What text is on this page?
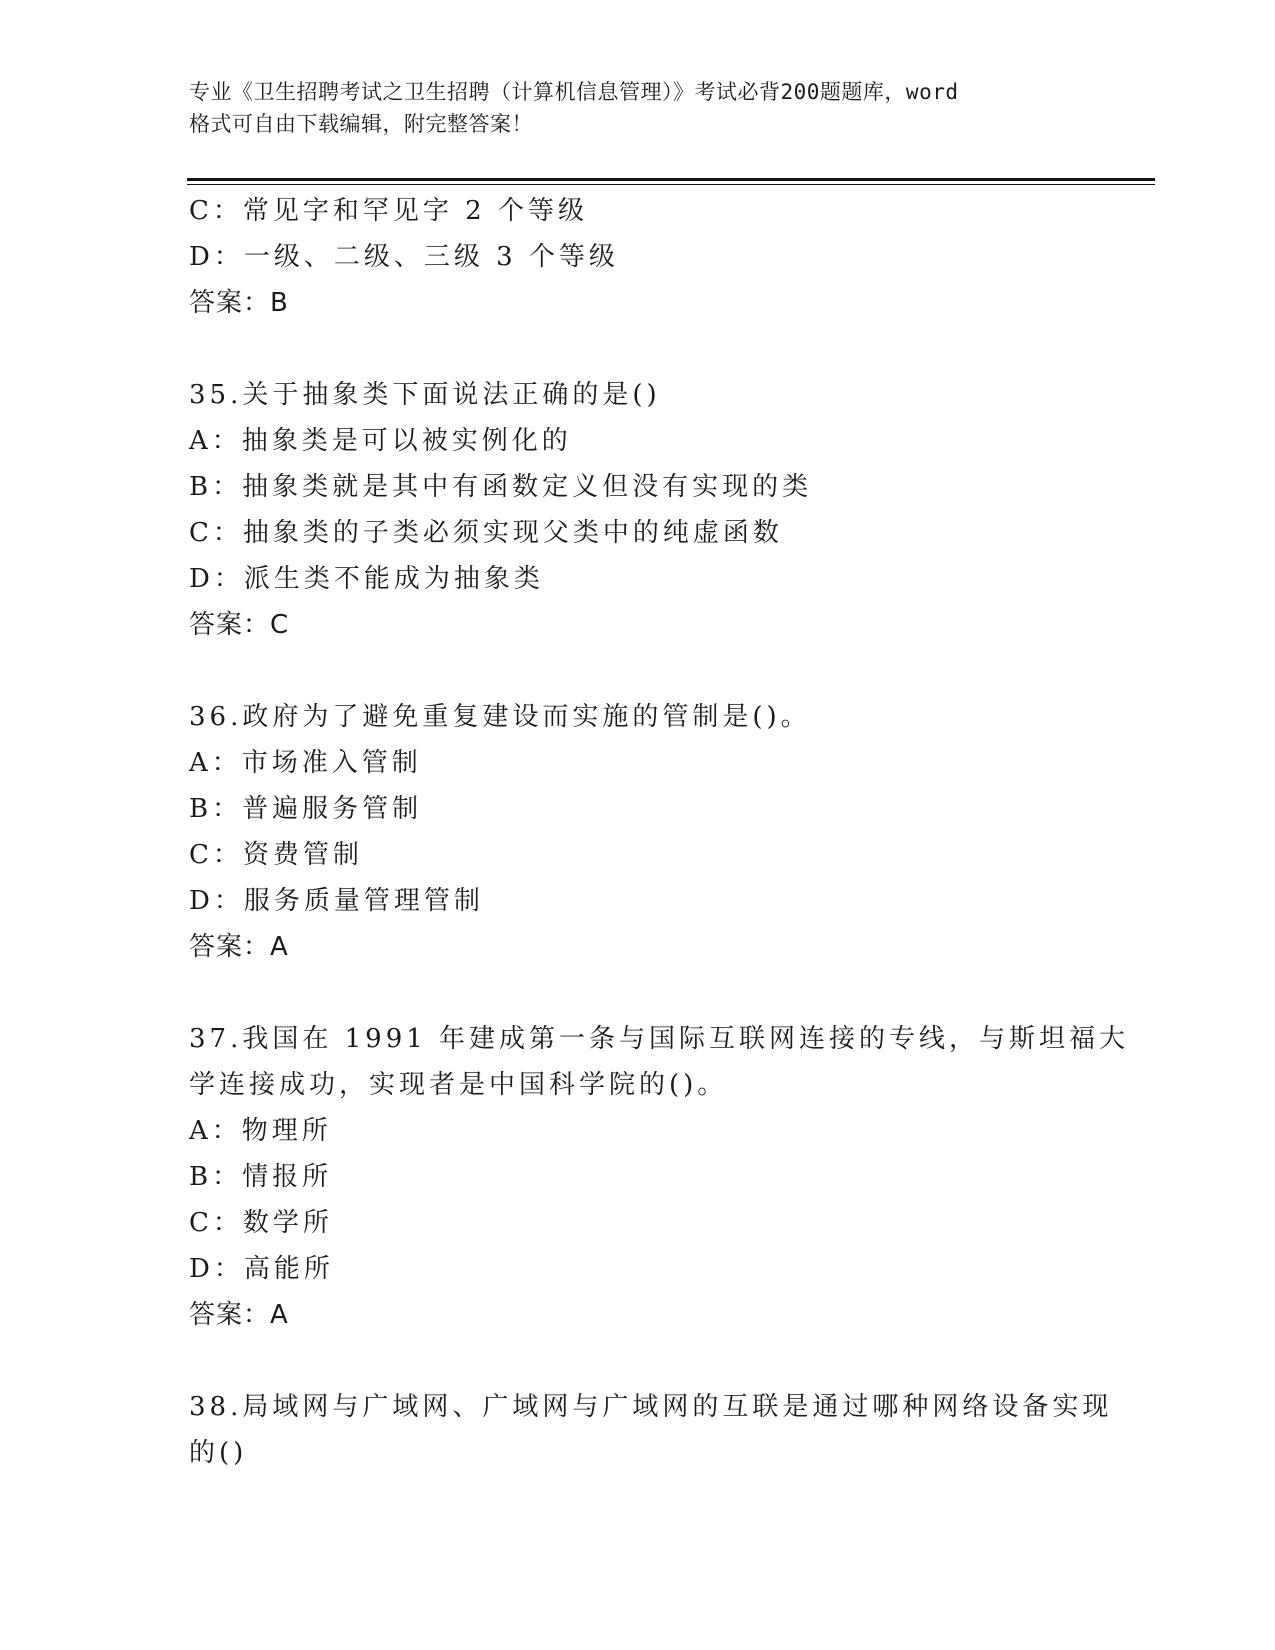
专业《卫生招聘考试之卫生招聘（计算机信息管理）》考试必背200题题库，word
格式可自由下载编辑，附完整答案！
C：常见字和罕见字 2 个等级
D：一级、二级、三级 3 个等级
答案：B
35.关于抽象类下面说法正确的是()
A：抽象类是可以被实例化的
B：抽象类就是其中有函数定义但没有实现的类
C：抽象类的子类必须实现父类中的纯虚函数
D：派生类不能成为抽象类
答案：C
36.政府为了避免重复建设而实施的管制是()。
A：市场准入管制
B：普遍服务管制
C：资费管制
D：服务质量管理管制
答案：A
37.我国在 1991 年建成第一条与国际互联网连接的专线，与斯坦福大
学连接成功，实现者是中国科学院的()。
A：物理所
B：情报所
C：数学所
D：高能所
答案：A
38.局域网与广域网、广域网与广域网的互联是通过哪种网络设备实现
的()
